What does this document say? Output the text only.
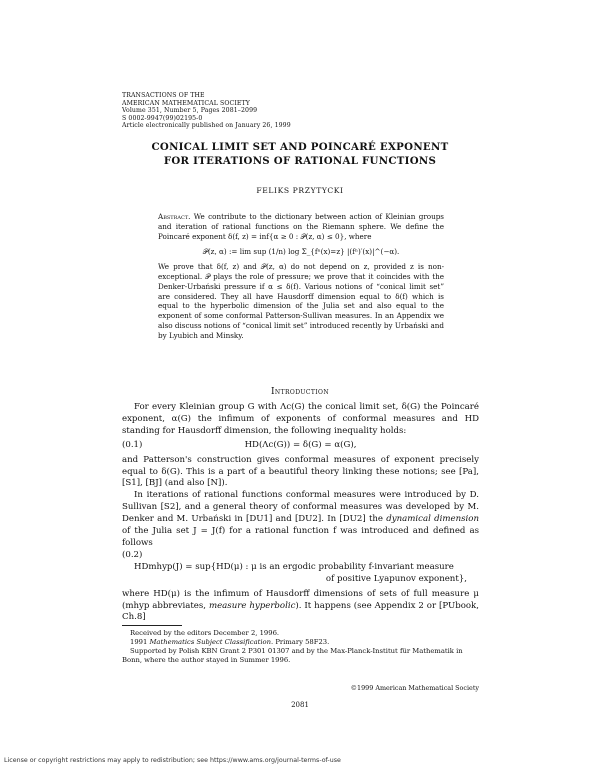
TRANSACTIONS OF THE
AMERICAN MATHEMATICAL SOCIETY
Volume 351, Number 5, Pages 2081–2099
S 0002-9947(99)02195-0
Article electronically published on January 26, 1999
CONICAL LIMIT SET AND POINCARÉ EXPONENT
FOR ITERATIONS OF RATIONAL FUNCTIONS
FELIKS PRZYTYCKI

Abstract. We contribute to the dictionary between action of Kleinian groups and iteration of rational functions on the Riemann sphere. We define the Poincaré exponent δ(f, z) = inf{α ≥ 0 : 𝒫(z, α) ≤ 0}, where

𝒫(z, α) := lim sup (1/n) log Σ_{fⁿ(x)=z} |(fⁿ)′(x)|^(−α).

We prove that δ(f, z) and 𝒫(z, α) do not depend on z, provided z is non-exceptional. 𝒫 plays the role of pressure; we prove that it coincides with the Denker-Urbański pressure if α ≤ δ(f). Various notions of “conical limit set” are considered. They all have Hausdorff dimension equal to δ(f) which is equal to the hyperbolic dimension of the Julia set and also equal to the exponent of some conformal Patterson-Sullivan measures. In an Appendix we also discuss notions of “conical limit set” introduced recently by Urbański and by Lyubich and Minsky.

Introduction

For every Kleinian group G with Λc(G) the conical limit set, δ(G) the Poincaré exponent, α(G) the infimum of exponents of conformal measures and HD standing for Hausdorff dimension, the following inequality holds:

(0.1)	HD(Λc(G)) = δ(G) = α(G),

and Patterson's construction gives conformal measures of exponent precisely equal to δ(G). This is a part of a beautiful theory linking these notions; see [Pa], [S1], [BJ] (and also [N]).

In iterations of rational functions conformal measures were introduced by D. Sullivan [S2], and a general theory of conformal measures was developed by M. Denker and M. Urbański in [DU1] and [DU2]. In [DU2] the dynamical dimension of the Julia set J = J(f) for a rational function f was introduced and defined as follows

(0.2)
HDmhyp(J) = sup{HD(μ) : μ is an ergodic probability f-invariant measure
of positive Lyapunov exponent},

where HD(μ) is the infimum of Hausdorff dimensions of sets of full measure μ (mhyp abbreviates, measure hyperbolic). It happens (see Appendix 2 or [PUbook, Ch.8]

Received by the editors December 2, 1996.

1991 Mathematics Subject Classification. Primary 58F23.

Supported by Polish KBN Grant 2 P301 01307 and by the Max-Planck-Institut für Mathematik in Bonn, where the author stayed in Summer 1996.

©1999 American Mathematical Society
2081
License or copyright restrictions may apply to redistribution; see https://www.ams.org/journal-terms-of-use
